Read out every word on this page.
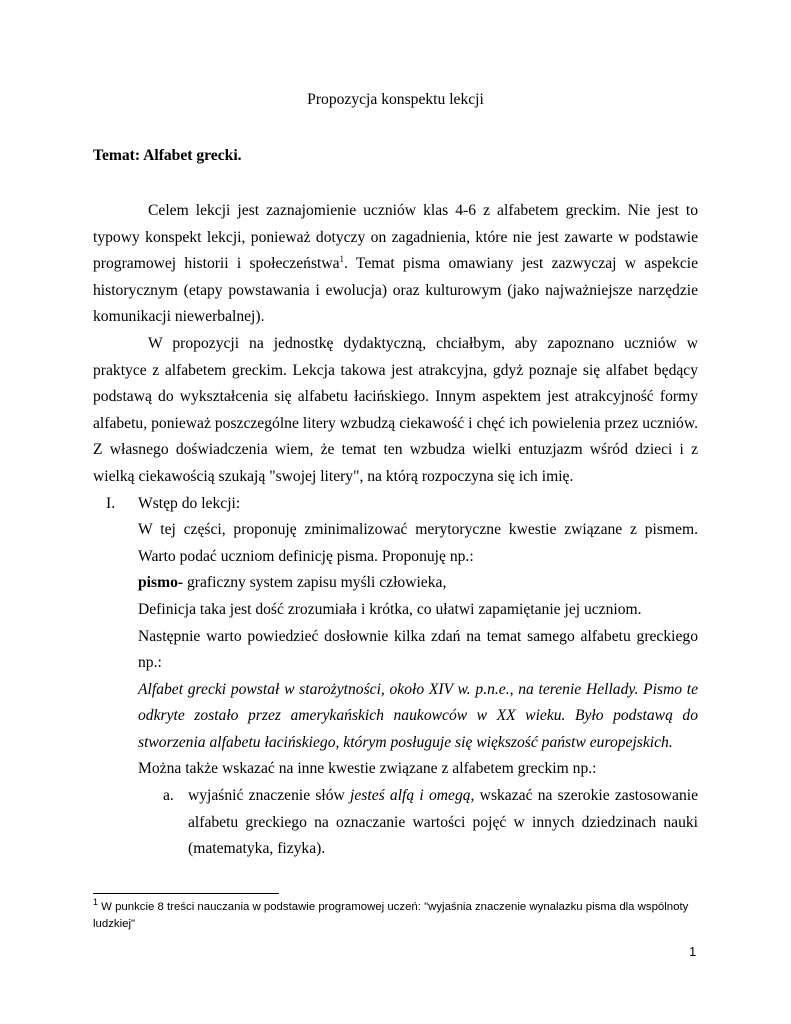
Propozycja konspektu lekcji
Temat: Alfabet grecki.

Celem lekcji jest zaznajomienie uczniów klas 4-6 z alfabetem greckim. Nie jest to typowy konspekt lekcji, ponieważ dotyczy on zagadnienia, które nie jest zawarte w podstawie programowej historii i społeczeństwa$^1$. Temat pisma omawiany jest zazwyczaj w aspekcie historycznym (etapy powstawania i ewolucja) oraz kulturowym (jako najważniejsze narzędzie komunikacji niewerbalnej).

W propozycji na jednostkę dydaktyczną, chciałbym, aby zapoznano uczniów w praktyce z alfabetem greckim. Lekcja takowa jest atrakcyjna, gdyż poznaje się alfabet będący podstawą do wykształcenia się alfabetu łacińskiego. Innym aspektem jest atrakcyjność formy alfabetu, ponieważ poszczególne litery wzbudzą ciekawość i chęć ich powielenia przez uczniów. Z własnego doświadczenia wiem, że temat ten wzbudza wielki entuzjazm wśród dzieci i z wielką ciekawością szukają "swojej litery", na którą rozpoczyna się ich imię.

I. Wstęp do lekcji:

W tej części, proponuję zminimalizować merytoryczne kwestie związane z pismem. Warto podać uczniom definicję pisma. Proponuję np.:

pismo- graficzny system zapisu myśli człowieka,

Definicja taka jest dość zrozumiała i krótka, co ułatwi zapamiętanie jej uczniom.

Następnie warto powiedzieć dosłownie kilka zdań na temat samego alfabetu greckiego np.:

Alfabet grecki powstał w starożytności, około XIV w. p.n.e., na terenie Hellady. Pismo te odkryte zostało przez amerykańskich naukowców w XX wieku. Było podstawą do stworzenia alfabetu łacińskiego, którym posługuje się większość państw europejskich.

Można także wskazać na inne kwestie związane z alfabetem greckim np.:

a. wyjaśnić znaczenie słów jesteś alfą i omegą, wskazać na szerokie zastosowanie alfabetu greckiego na oznaczanie wartości pojęć w innych dziedzinach nauki (matematyka, fizyka).
$^1$ W punkcie 8 treści nauczania w podstawie programowej uczeń: "wyjaśnia znaczenie wynalazku pisma dla wspólnoty ludzkiej"
1
